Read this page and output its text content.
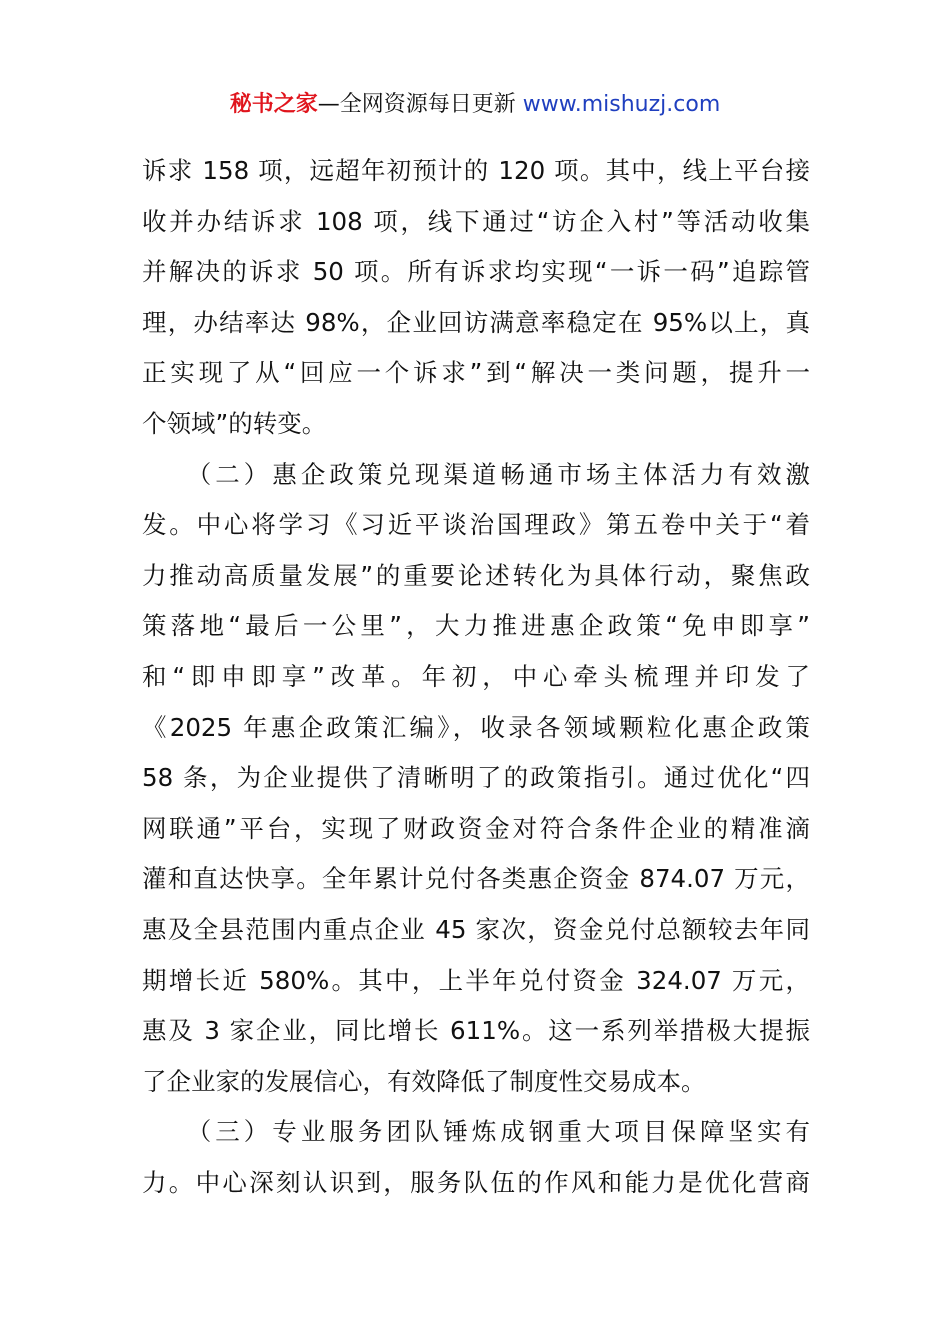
秘书之家—全网资源每日更新 www.mishuzj.com
诉求 158 项，远超年初预计的 120 项。其中，线上平台接
收并办结诉求 108 项，线下通过“访企入村”等活动收集
并解决的诉求 50 项。所有诉求均实现“一诉一码”追踪管
理，办结率达 98%，企业回访满意率稳定在 95%以上，真
正实现了从“回应一个诉求”到“解决一类问题，提升一
个领域”的转变。
　　（二）惠企政策兑现渠道畅通市场主体活力有效激
发。中心将学习《习近平谈治国理政》第五卷中关于“着
力推动高质量发展”的重要论述转化为具体行动，聚焦政
策落地“最后一公里”，大力推进惠企政策“免申即享”
和“即申即享”改革。年初，中心牵头梳理并印发了
《2025 年惠企政策汇编》，收录各领域颗粒化惠企政策
58 条，为企业提供了清晰明了的政策指引。通过优化“四
网联通”平台，实现了财政资金对符合条件企业的精准滴
灌和直达快享。全年累计兑付各类惠企资金 874.07 万元，
惠及全县范围内重点企业 45 家次，资金兑付总额较去年同
期增长近 580%。其中，上半年兑付资金 324.07 万元，
惠及 3 家企业，同比增长 611%。这一系列举措极大提振
了企业家的发展信心，有效降低了制度性交易成本。
　　（三）专业服务团队锤炼成钢重大项目保障坚实有
力。中心深刻认识到，服务队伍的作风和能力是优化营商
